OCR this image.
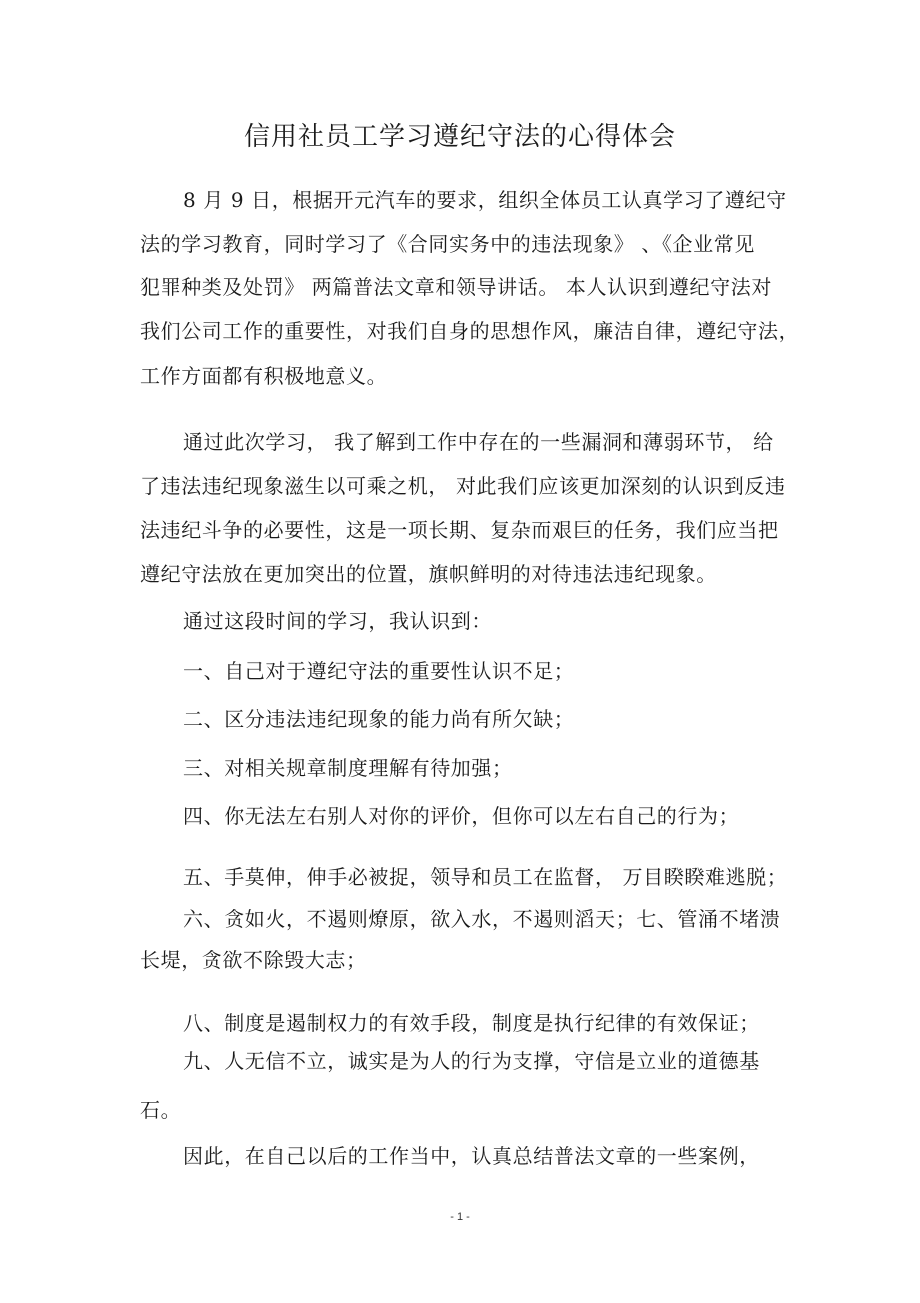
信用社员工学习遵纪守法的心得体会
8 月 9 日，根据开元汽车的要求，组织全体员工认真学习了遵纪守
法的学习教育，同时学习了《合同实务中的违法现象》 、《企业常见
犯罪种类及处罚》 两篇普法文章和领导讲话。 本人认识到遵纪守法对
我们公司工作的重要性，对我们自身的思想作风，廉洁自律，遵纪守法，
工作方面都有积极地意义。
通过此次学习， 我了解到工作中存在的一些漏洞和薄弱环节， 给
了违法违纪现象滋生以可乘之机， 对此我们应该更加深刻的认识到反违
法违纪斗争的必要性，这是一项长期、复杂而艰巨的任务，我们应当把
遵纪守法放在更加突出的位置，旗帜鲜明的对待违法违纪现象。
通过这段时间的学习，我认识到：
一、自己对于遵纪守法的重要性认识不足；
二、区分违法违纪现象的能力尚有所欠缺；
三、对相关规章制度理解有待加强；
四、你无法左右别人对你的评价，但你可以左右自己的行为；
五、手莫伸，伸手必被捉，领导和员工在监督， 万目睽睽难逃脱；
六、贪如火，不遏则燎原，欲入水，不遏则滔天；七、管涌不堵溃
长堤，贪欲不除毁大志；
八、制度是遏制权力的有效手段，制度是执行纪律的有效保证；
九、人无信不立，诚实是为人的行为支撑，守信是立业的道德基
石。
因此，在自己以后的工作当中，认真总结普法文章的一些案例，
- 1 -
